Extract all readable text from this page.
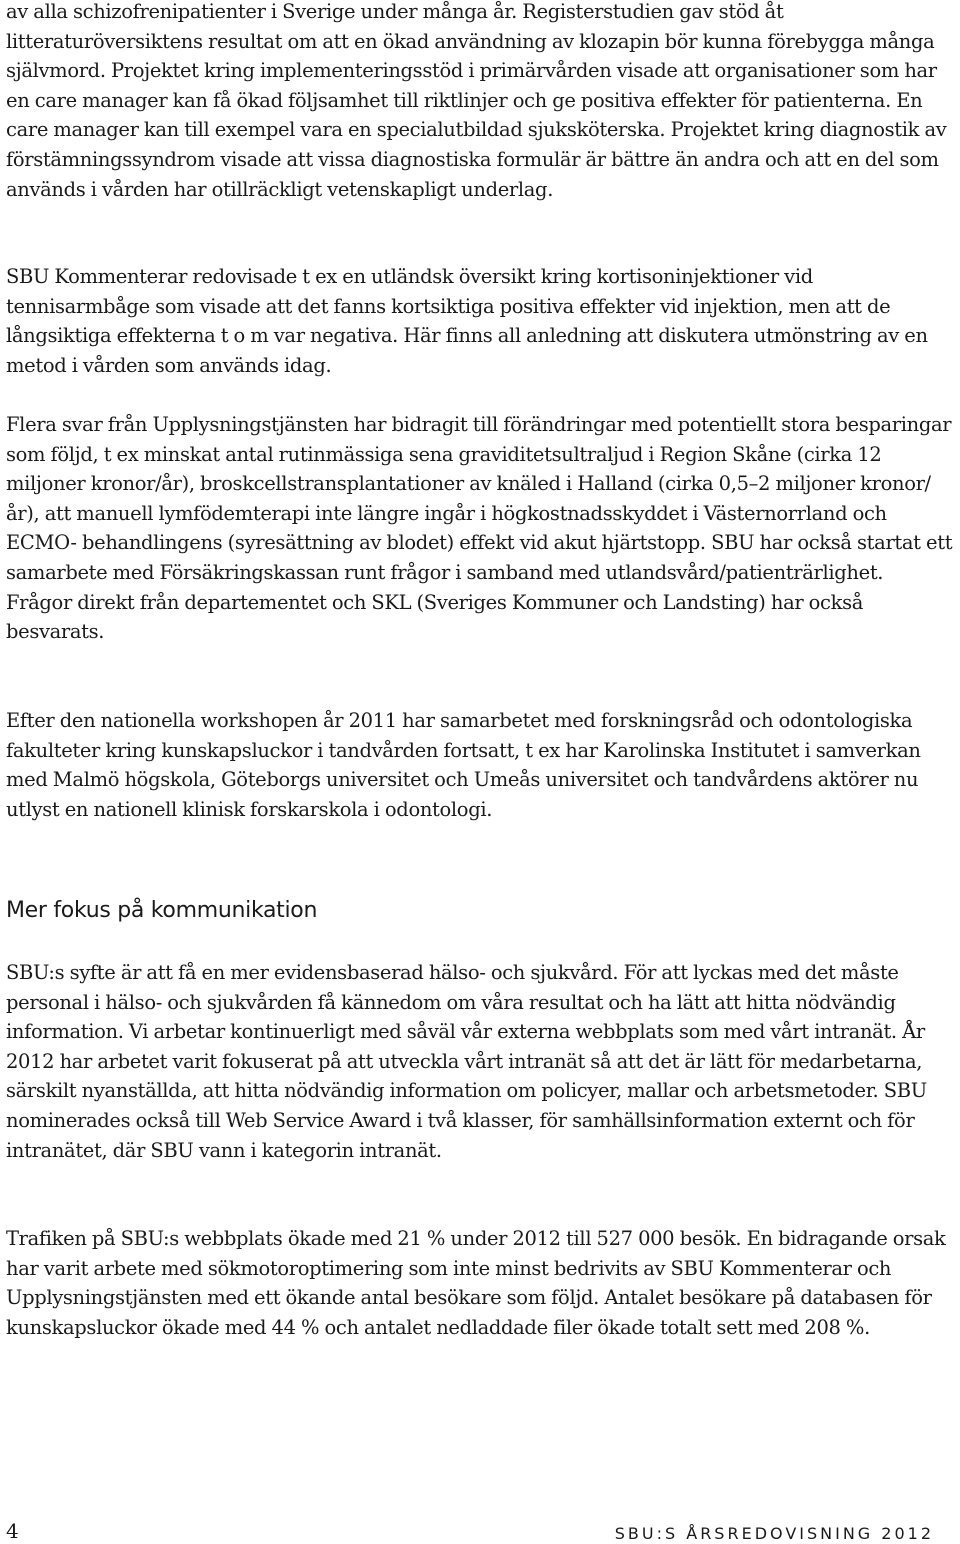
av alla schizofrenipatienter i Sverige under många år. Registerstudien gav stöd åt litteraturöversiktens resultat om att en ökad användning av klozapin bör kunna förebygga många självmord. Projektet kring implementeringsstöd i primärvården visade att organisationer som har en care manager kan få ökad följsamhet till riktlinjer och ge positiva effekter för patienterna. En care manager kan till exempel vara en specialutbildad sjuksköterska. Projektet kring diagnostik av förstämningssyndrom visade att vissa diagnostiska formulär är bättre än andra och att en del som används i vården har otillräckligt vetenskapligt underlag.

SBU Kommenterar redovisade t ex en utländsk översikt kring kortisoninjektioner vid tennisarmbåge som visade att det fanns kortsiktiga positiva effekter vid injektion, men att de långsiktiga effekterna t o m var negativa. Här finns all anledning att diskutera utmönstring av en metod i vården som används idag.

Flera svar från Upplysningstjänsten har bidragit till förändringar med potentiellt stora besparingar som följd, t ex minskat antal rutinmässiga sena graviditetsultraljud i Region Skåne (cirka 12 miljoner kronor/år), broskcellstransplantationer av knäled i Halland (cirka 0,5–2 miljoner kronor/år), att manuell lymfödemterapi inte längre ingår i högkostnadsskyddet i Västernorrland och ECMO- behandlingens (syresättning av blodet) effekt vid akut hjärtstopp. SBU har också startat ett samarbete med Försäkringskassan runt frågor i samband med utlandsvård/patienträrlighet. Frågor direkt från departementet och SKL (Sveriges Kommuner och Landsting) har också besvarats.

Efter den nationella workshopen år 2011 har samarbetet med forskningsråd och odontologiska fakulteter kring kunskapsluckor i tandvården fortsatt, t ex har Karolinska Institutet i samverkan med Malmö högskola, Göteborgs universitet och Umeås universitet och tandvårdens aktörer nu utlyst en nationell klinisk forskarskola i odontologi.

Mer fokus på kommunikation

SBU:s syfte är att få en mer evidensbaserad hälso- och sjukvård. För att lyckas med det måste personal i hälso- och sjukvården få kännedom om våra resultat och ha lätt att hitta nödvändig information. Vi arbetar kontinuerligt med såväl vår externa webbplats som med vårt intranät. År 2012 har arbetet varit fokuserat på att utveckla vårt intranät så att det är lätt för medarbetarna, särskilt nyanställda, att hitta nödvändig information om policyer, mallar och arbetsmetoder. SBU nominerades också till Web Service Award i två klasser, för samhällsinformation externt och för intranätet, där SBU vann i kategorin intranät.

Trafiken på SBU:s webbplats ökade med 21 % under 2012 till 527 000 besök. En bidragande orsak har varit arbete med sökmotoroptimering som inte minst bedrivits av SBU Kommenterar och Upplysningstjänsten med ett ökande antal besökare som följd. Antalet besökare på databasen för kunskapsluckor ökade med 44 % och antalet nedladdade filer ökade totalt sett med 208 %.

4	SBU:S ÅRSREDOVISNING 2012
